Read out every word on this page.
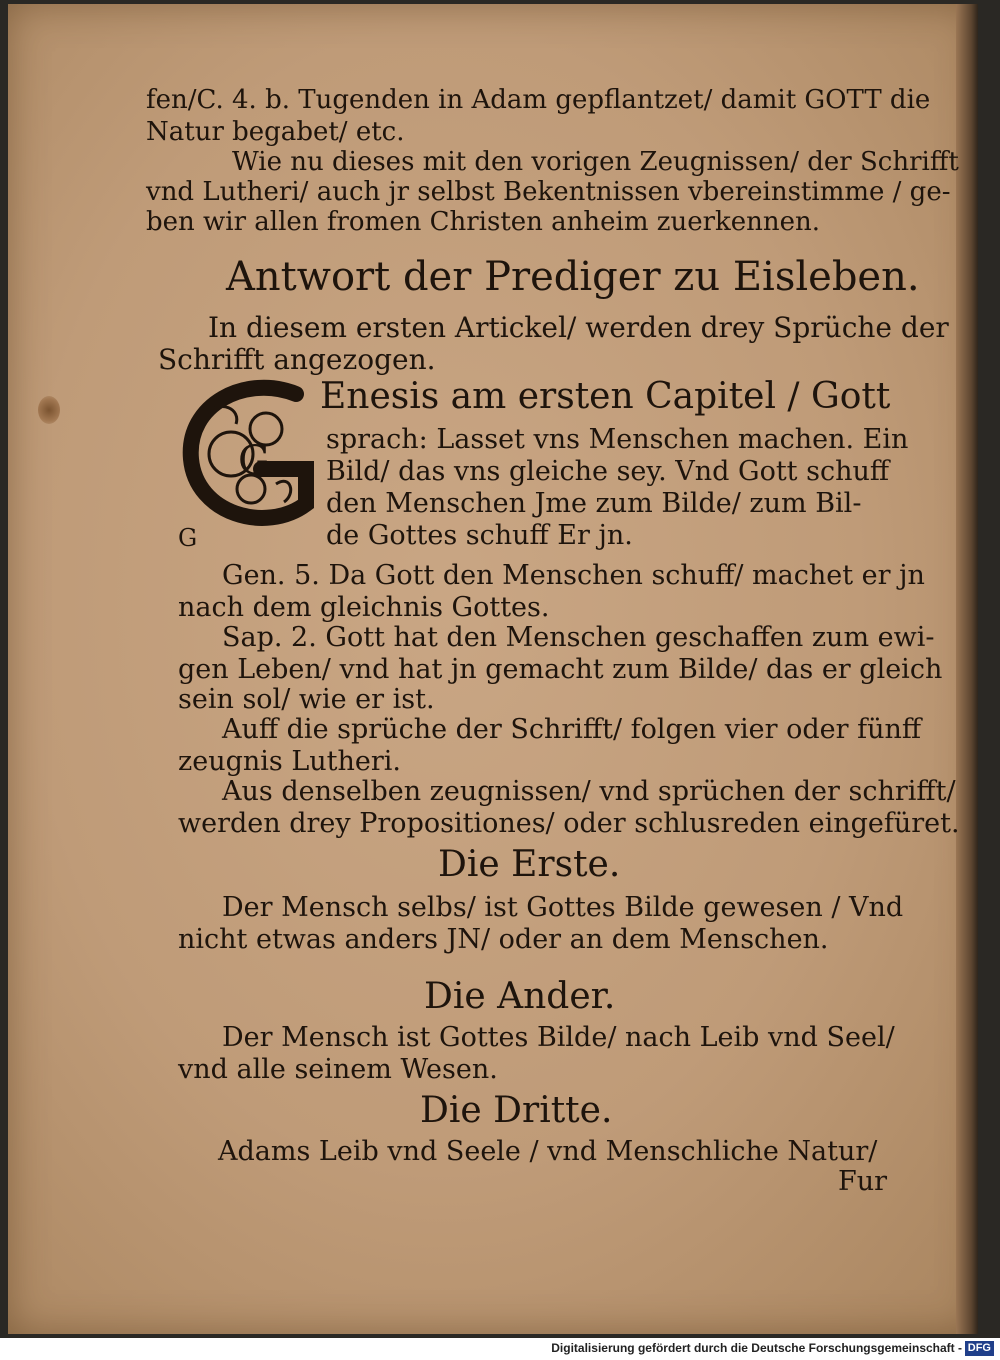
fen/C. 4. b. Tugenden in Adam gepflantzet/ damit GOTT die
Natur begabet/ etc.
Wie nu dieses mit den vorigen Zeugnissen/ der Schrifft
vnd Lutheri/ auch jr selbst Bekentnissen vbereinstimme / ge-
ben wir allen fromen Christen anheim zuerkennen.
Antwort der Prediger zu Eisleben.
In diesem ersten Artickel/ werden drey Sprüche der
Schrifft angezogen.
G
Enesis am ersten Capitel / Gott
sprach: Lasset vns Menschen machen. Ein
Bild/ das vns gleiche sey. Vnd Gott schuff
den Menschen Jme zum Bilde/ zum Bil-
de Gottes schuff Er jn.
G
Gen. 5. Da Gott den Menschen schuff/ machet er jn
nach dem gleichnis Gottes.
Sap. 2. Gott hat den Menschen geschaffen zum ewi-
gen Leben/ vnd hat jn gemacht zum Bilde/ das er gleich
sein sol/ wie er ist.
Auff die sprüche der Schrifft/ folgen vier oder fünff
zeugnis Lutheri.
Aus denselben zeugnissen/ vnd sprüchen der schrifft/
werden drey Propositiones/ oder schlusreden eingefüret.
Die Erste.
Der Mensch selbs/ ist Gottes Bilde gewesen / Vnd
nicht etwas anders JN/ oder an dem Menschen.
Die Ander.
Der Mensch ist Gottes Bilde/ nach Leib vnd Seel/
vnd alle seinem Wesen.
Die Dritte.
Adams Leib vnd Seele / vnd Menschliche Natur/
Fur
Digitalisierung gefördert durch die Deutsche Forschungsgemeinschaft - DFG
